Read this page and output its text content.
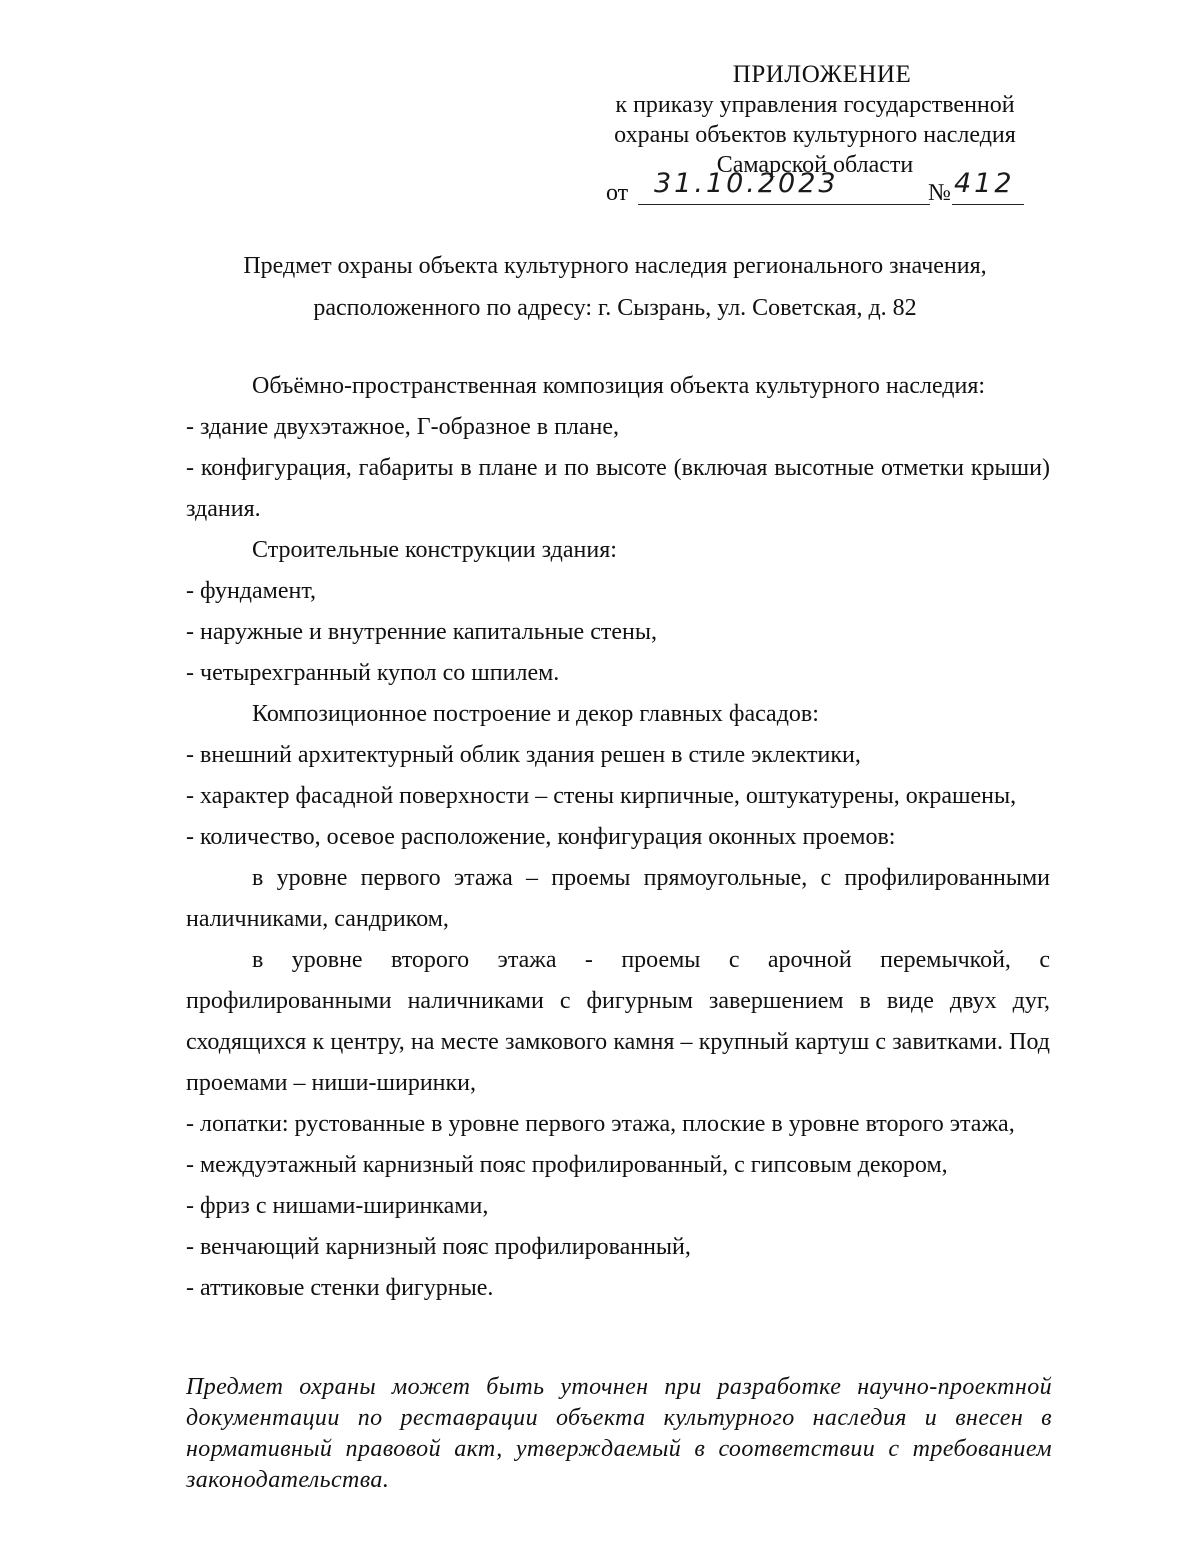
ПРИЛОЖЕНИЕ
к приказу управления государственной
охраны объектов культурного наследия
Самарской области
от 31.10.2023	№ 412
Предмет охраны объекта культурного наследия регионального значения,
расположенного по адресу: г. Сызрань, ул. Советская, д. 82

Объёмно-пространственная композиция объекта культурного наследия:

- здание двухэтажное, Г-образное в плане,

- конфигурация, габариты в плане и по высоте (включая высотные отметки крыши) здания.

Строительные конструкции здания:

- фундамент,

- наружные и внутренние капитальные стены,

- четырехгранный купол со шпилем.

Композиционное построение и декор главных фасадов:

- внешний архитектурный облик здания решен в стиле эклектики,

- характер фасадной поверхности – стены кирпичные, оштукатурены, окрашены,

- количество, осевое расположение, конфигурация оконных проемов:

в уровне первого этажа – проемы прямоугольные, с профилированными наличниками, сандриком,

в уровне второго этажа - проемы с арочной перемычкой, с профилированными наличниками с фигурным завершением в виде двух дуг, сходящихся к центру, на месте замкового камня – крупный картуш с завитками. Под проемами – ниши-ширинки,

- лопатки: рустованные в уровне первого этажа, плоские в уровне второго этажа,

- междуэтажный карнизный пояс профилированный, с гипсовым декором,

- фриз с нишами-ширинками,

- венчающий карнизный пояс профилированный,

- аттиковые стенки фигурные.

Предмет охраны может быть уточнен при разработке научно-проектной документации по реставрации объекта культурного наследия и внесен в нормативный правовой акт, утверждаемый в соответствии с требованием законодательства.
